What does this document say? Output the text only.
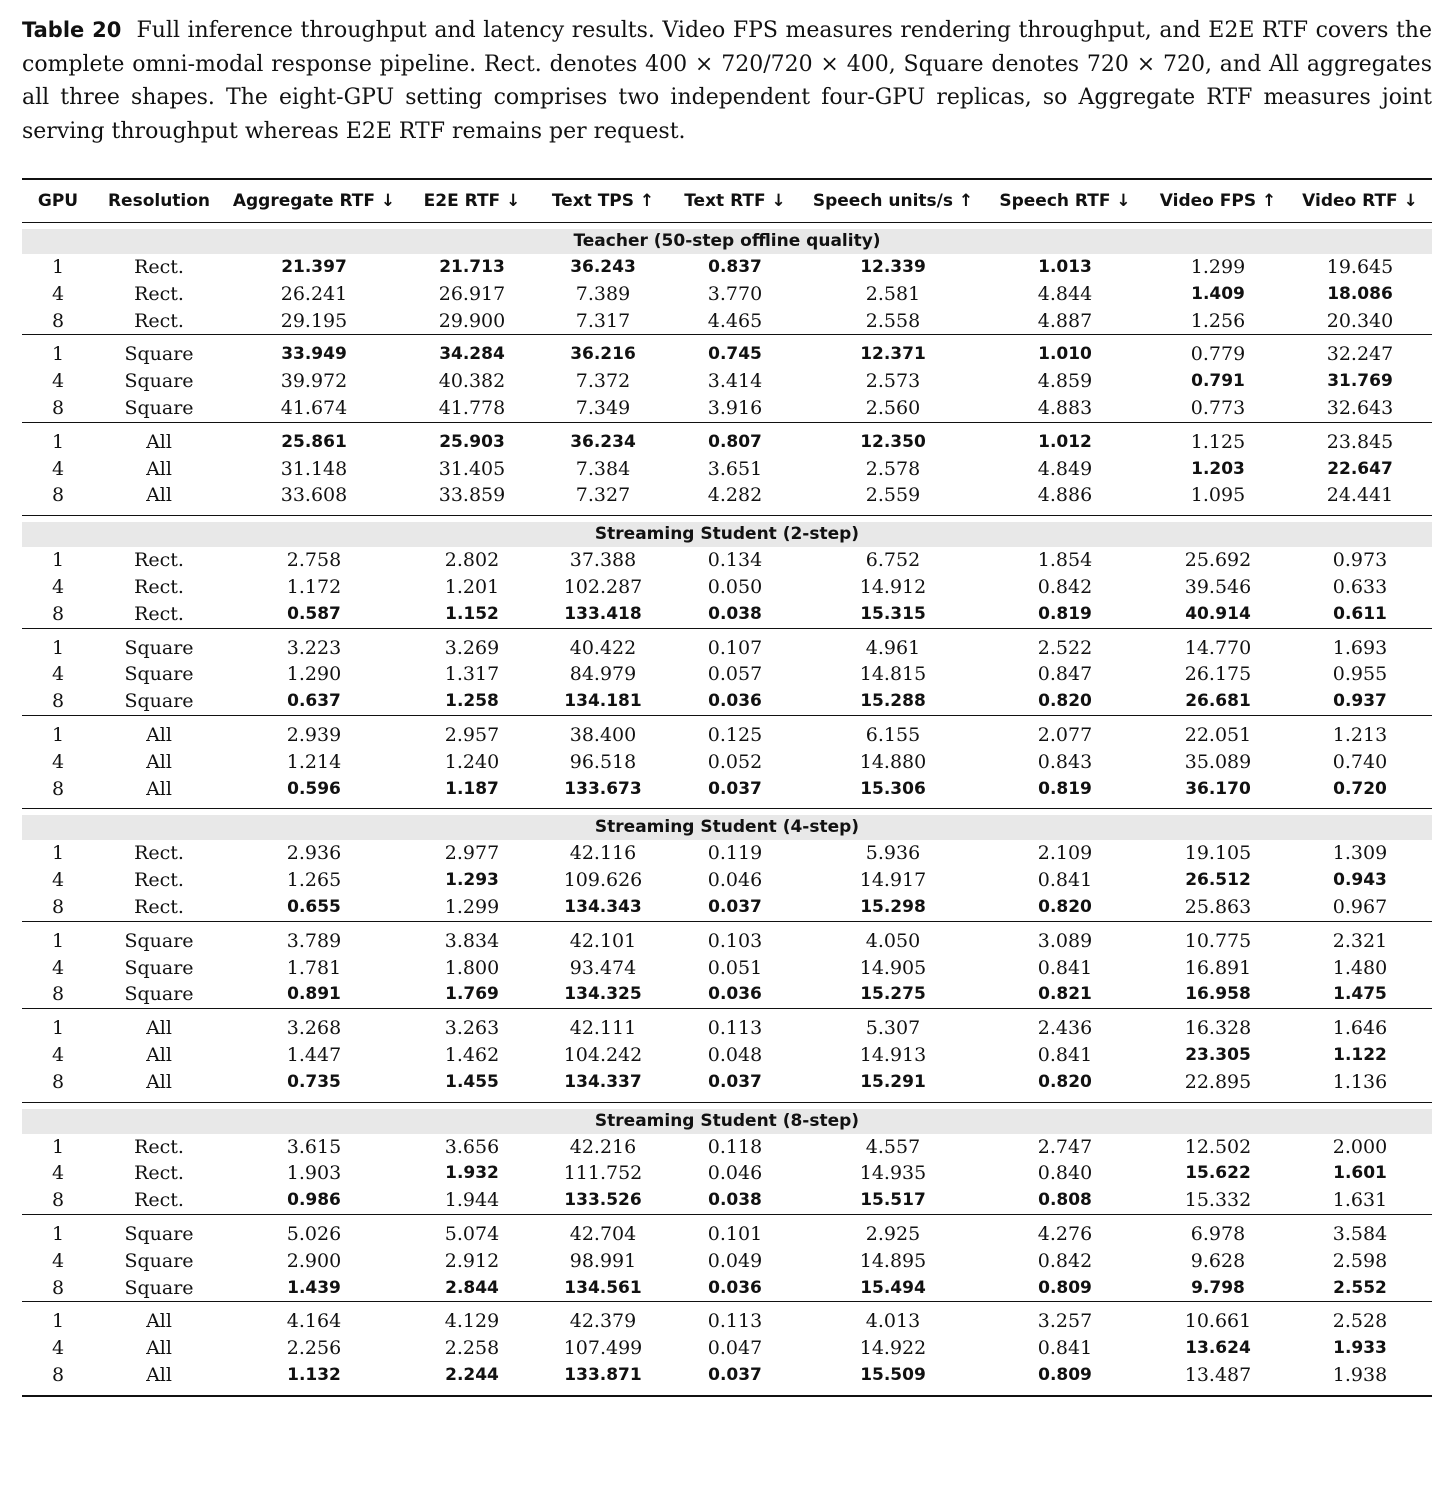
Table 20 Full inference throughput and latency results. Video FPS measures rendering throughput, and E2E RTF covers the complete omni-modal response pipeline. Rect. denotes 400 × 720/720 × 400, Square denotes 720 × 720, and All aggregates all three shapes. The eight-GPU setting comprises two independent four-GPU replicas, so Aggregate RTF measures joint serving throughput whereas E2E RTF remains per request.
GPU	Resolution	Aggregate RTF ↓	E2E RTF ↓	Text TPS ↑	Text RTF ↓	Speech units/s ↑	Speech RTF ↓	Video FPS ↑	Video RTF ↓

Teacher (50-step offline quality)									
1	Rect.	21.397	21.713	36.243	0.837	12.339	1.013	1.299	19.645
4	Rect.	26.241	26.917	7.389	3.770	2.581	4.844	1.409	18.086
8	Rect.	29.195	29.900	7.317	4.465	2.558	4.887	1.256	20.340

1	Square	33.949	34.284	36.216	0.745	12.371	1.010	0.779	32.247
4	Square	39.972	40.382	7.372	3.414	2.573	4.859	0.791	31.769
8	Square	41.674	41.778	7.349	3.916	2.560	4.883	0.773	32.643

1	All	25.861	25.903	36.234	0.807	12.350	1.012	1.125	23.845
4	All	31.148	31.405	7.384	3.651	2.578	4.849	1.203	22.647
8	All	33.608	33.859	7.327	4.282	2.559	4.886	1.095	24.441

Streaming Student (2-step)									
1	Rect.	2.758	2.802	37.388	0.134	6.752	1.854	25.692	0.973
4	Rect.	1.172	1.201	102.287	0.050	14.912	0.842	39.546	0.633
8	Rect.	0.587	1.152	133.418	0.038	15.315	0.819	40.914	0.611

1	Square	3.223	3.269	40.422	0.107	4.961	2.522	14.770	1.693
4	Square	1.290	1.317	84.979	0.057	14.815	0.847	26.175	0.955
8	Square	0.637	1.258	134.181	0.036	15.288	0.820	26.681	0.937

1	All	2.939	2.957	38.400	0.125	6.155	2.077	22.051	1.213
4	All	1.214	1.240	96.518	0.052	14.880	0.843	35.089	0.740
8	All	0.596	1.187	133.673	0.037	15.306	0.819	36.170	0.720

Streaming Student (4-step)									
1	Rect.	2.936	2.977	42.116	0.119	5.936	2.109	19.105	1.309
4	Rect.	1.265	1.293	109.626	0.046	14.917	0.841	26.512	0.943
8	Rect.	0.655	1.299	134.343	0.037	15.298	0.820	25.863	0.967

1	Square	3.789	3.834	42.101	0.103	4.050	3.089	10.775	2.321
4	Square	1.781	1.800	93.474	0.051	14.905	0.841	16.891	1.480
8	Square	0.891	1.769	134.325	0.036	15.275	0.821	16.958	1.475

1	All	3.268	3.263	42.111	0.113	5.307	2.436	16.328	1.646
4	All	1.447	1.462	104.242	0.048	14.913	0.841	23.305	1.122
8	All	0.735	1.455	134.337	0.037	15.291	0.820	22.895	1.136

Streaming Student (8-step)									
1	Rect.	3.615	3.656	42.216	0.118	4.557	2.747	12.502	2.000
4	Rect.	1.903	1.932	111.752	0.046	14.935	0.840	15.622	1.601
8	Rect.	0.986	1.944	133.526	0.038	15.517	0.808	15.332	1.631

1	Square	5.026	5.074	42.704	0.101	2.925	4.276	6.978	3.584
4	Square	2.900	2.912	98.991	0.049	14.895	0.842	9.628	2.598
8	Square	1.439	2.844	134.561	0.036	15.494	0.809	9.798	2.552

1	All	4.164	4.129	42.379	0.113	4.013	3.257	10.661	2.528
4	All	2.256	2.258	107.499	0.047	14.922	0.841	13.624	1.933
8	All	1.132	2.244	133.871	0.037	15.509	0.809	13.487	1.938
